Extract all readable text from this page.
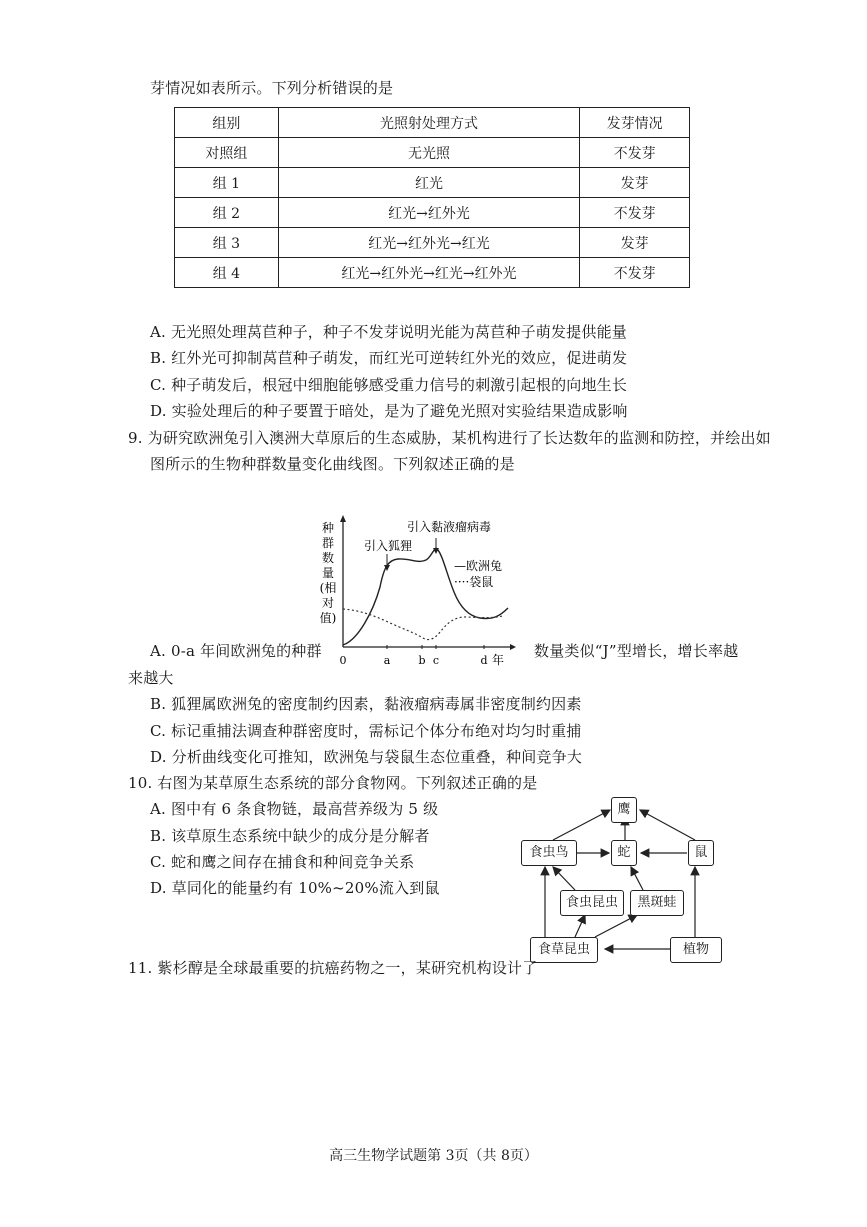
芽情况如表所示。下列分析错误的是
组别	光照射处理方式	发芽情况
对照组	无光照	不发芽
组 1	红光	发芽
组 2	红光→红外光	不发芽
组 3	红光→红外光→红光	发芽
组 4	红光→红外光→红光→红外光	不发芽
A. 无光照处理莴苣种子，种子不发芽说明光能为莴苣种子萌发提供能量
B. 红外光可抑制莴苣种子萌发，而红光可逆转红外光的效应，促进萌发
C. 种子萌发后，根冠中细胞能够感受重力信号的刺激引起根的向地生长
D. 实验处理后的种子要置于暗处，是为了避免光照对实验结果造成影响
9. 为研究欧洲兔引入澳洲大草原后的生态威胁，某机构进行了长达数年的监测和防控，并绘出如
图所示的生物种群数量变化曲线图。下列叙述正确的是
引入狐狸
引入黏液瘤病毒
—欧洲兔
····袋鼠
种群数量(相对值)
0	a	b c	d 年
A. 0-a 年间欧洲兔的种群	数量类似“J”型增长，增长率越
来越大
B. 狐狸属欧洲兔的密度制约因素，黏液瘤病毒属非密度制约因素
C. 标记重捕法调查种群密度时，需标记个体分布绝对均匀时重捕
D. 分析曲线变化可推知，欧洲兔与袋鼠生态位重叠，种间竞争大
10. 右图为某草原生态系统的部分食物网。下列叙述正确的是
A. 图中有 6 条食物链，最高营养级为 5 级
B. 该草原生态系统中缺少的成分是分解者
C. 蛇和鹰之间存在捕食和种间竞争关系
D. 草同化的能量约有 10%~20%流入到鼠
鹰
食虫鸟	蛇	鼠
食虫昆虫	黑斑蛙
食草昆虫	植物
11. 紫杉醇是全球最重要的抗癌药物之一，某研究机构设计了
高三生物学试题第 3页（共 8页）
